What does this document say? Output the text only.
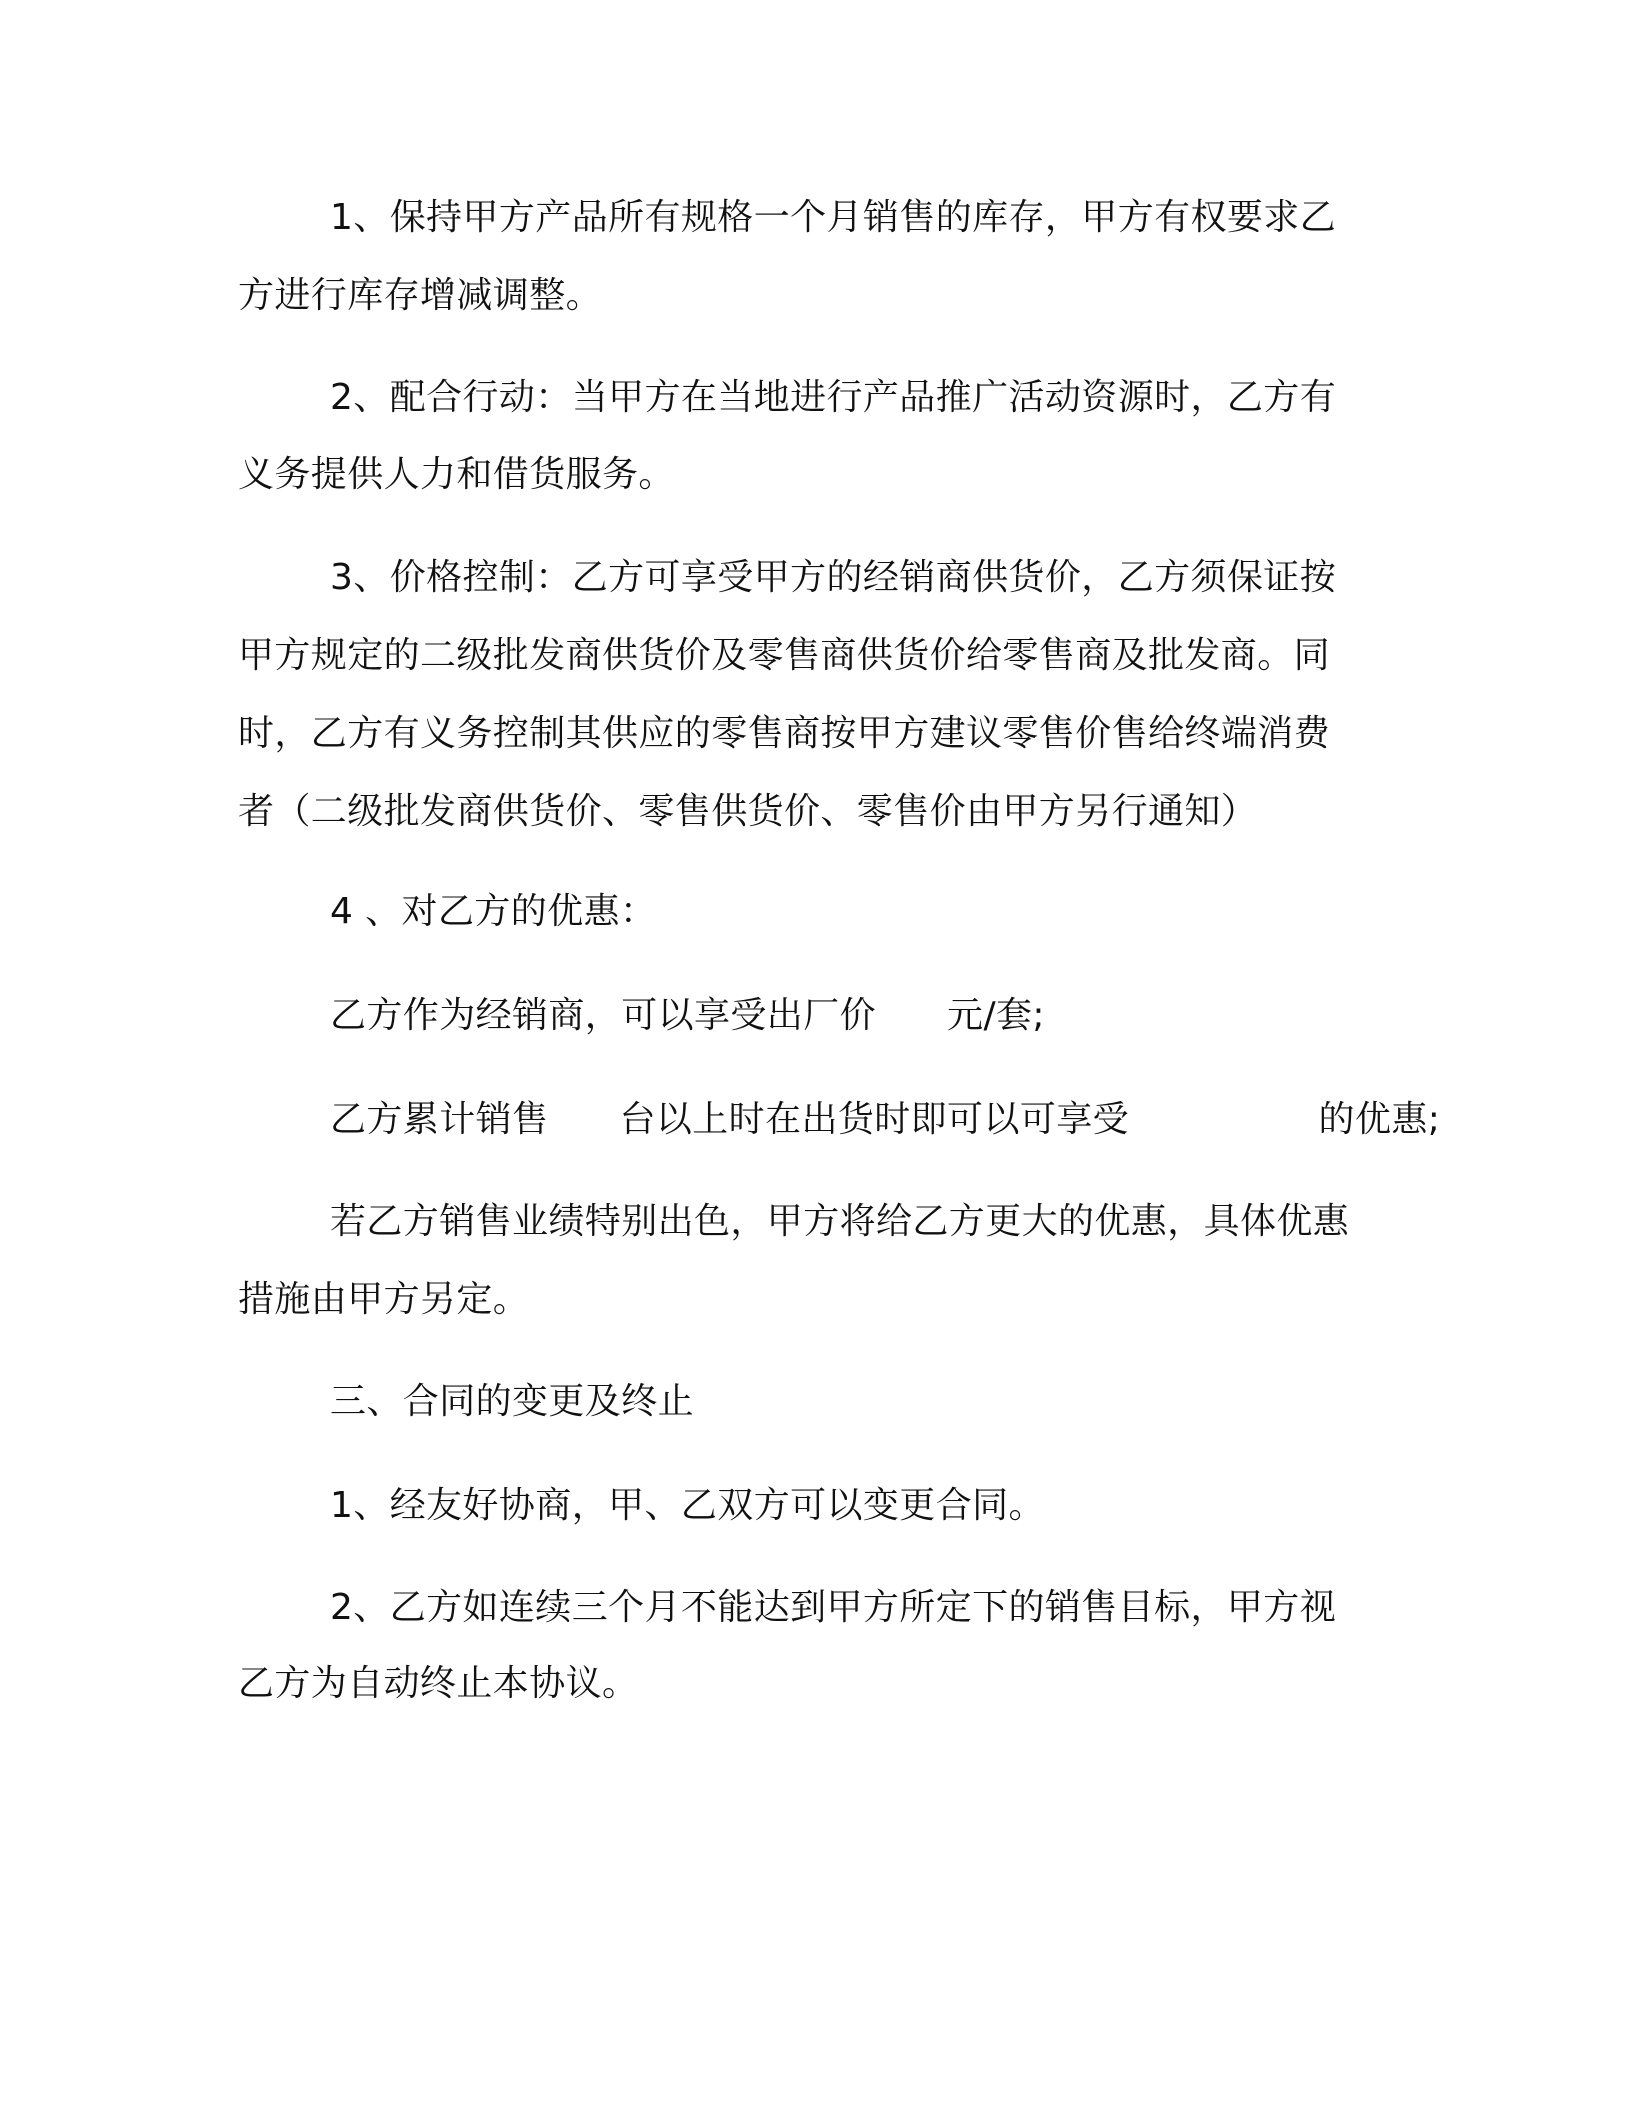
1、保持甲方产品所有规格一个月销售的库存，甲方有权要求乙

方进行库存增减调整。

2、配合行动：当甲方在当地进行产品推广活动资源时，乙方有

义务提供人力和借货服务。

3、价格控制：乙方可享受甲方的经销商供货价，乙方须保证按

甲方规定的二级批发商供货价及零售商供货价给零售商及批发商。同

时，乙方有义务控制其供应的零售商按甲方建议零售价售给终端消费

者（二级批发商供货价、零售供货价、零售价由甲方另行通知）

4 、对乙方的优惠：

乙方作为经销商，可以享受出厂价      元/套;

乙方累计销售      台以上时在出货时即可以可享受                的优惠;

若乙方销售业绩特别出色，甲方将给乙方更大的优惠，具体优惠

措施由甲方另定。

三、合同的变更及终止

1、经友好协商，甲、乙双方可以变更合同。

2、乙方如连续三个月不能达到甲方所定下的销售目标，甲方视

乙方为自动终止本协议。
